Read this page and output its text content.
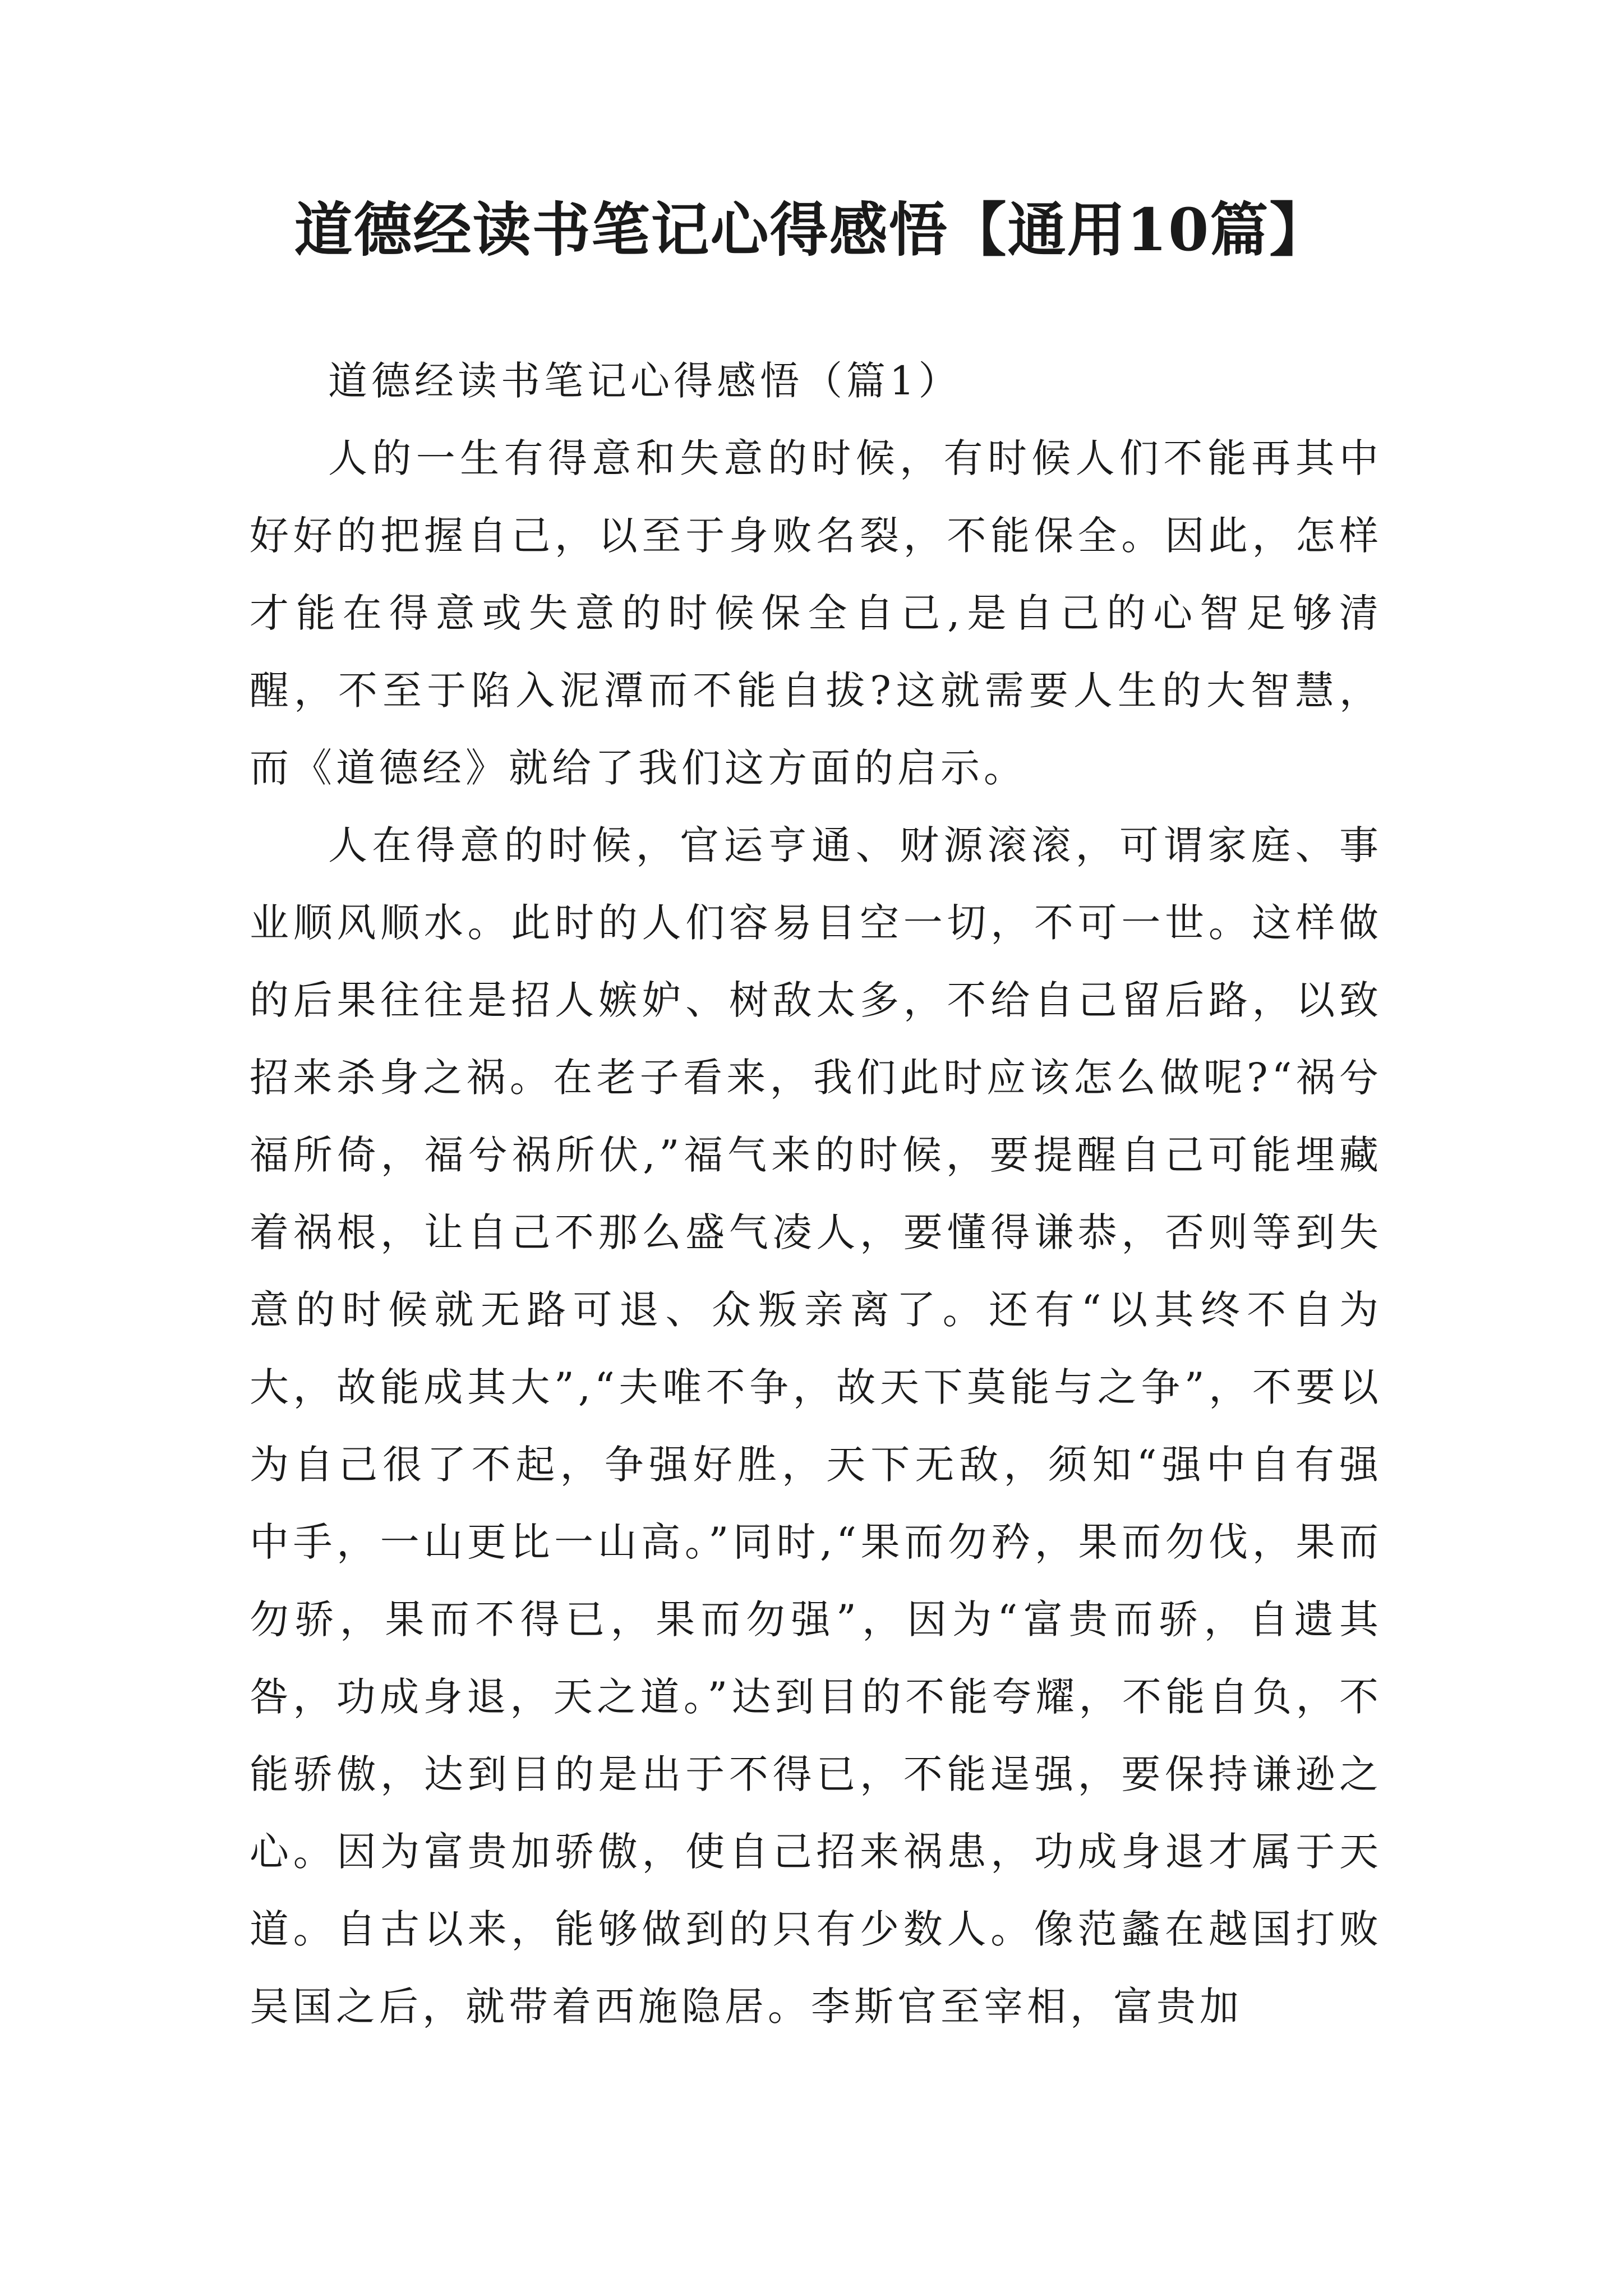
道德经读书笔记心得感悟【通用10篇】

道德经读书笔记心得感悟（篇1）

人的一生有得意和失意的时候，有时候人们不能再其中好好的把握自己，以至于身败名裂，不能保全。因此，怎样才能在得意或失意的时候保全自己,是自己的心智足够清醒，不至于陷入泥潭而不能自拔?这就需要人生的大智慧，而《道德经》就给了我们这方面的启示。

人在得意的时候，官运亨通、财源滚滚，可谓家庭、事业顺风顺水。此时的人们容易目空一切，不可一世。这样做的后果往往是招人嫉妒、树敌太多，不给自己留后路，以致招来杀身之祸。在老子看来，我们此时应该怎么做呢?“祸兮福所倚，福兮祸所伏,”福气来的时候，要提醒自己可能埋藏着祸根，让自己不那么盛气凌人，要懂得谦恭，否则等到失意的时候就无路可退、众叛亲离了。还有“以其终不自为大，故能成其大”,“夫唯不争，故天下莫能与之争”，不要以为自己很了不起，争强好胜，天下无敌，须知“强中自有强中手，一山更比一山高。”同时,“果而勿矜，果而勿伐，果而勿骄，果而不得已，果而勿强”，因为“富贵而骄，自遗其咎，功成身退，天之道。”达到目的不能夸耀，不能自负，不能骄傲，达到目的是出于不得已，不能逞强，要保持谦逊之心。因为富贵加骄傲，使自己招来祸患，功成身退才属于天道。自古以来，能够做到的只有少数人。像范蠡在越国打败吴国之后，就带着西施隐居。李斯官至宰相，富贵加
